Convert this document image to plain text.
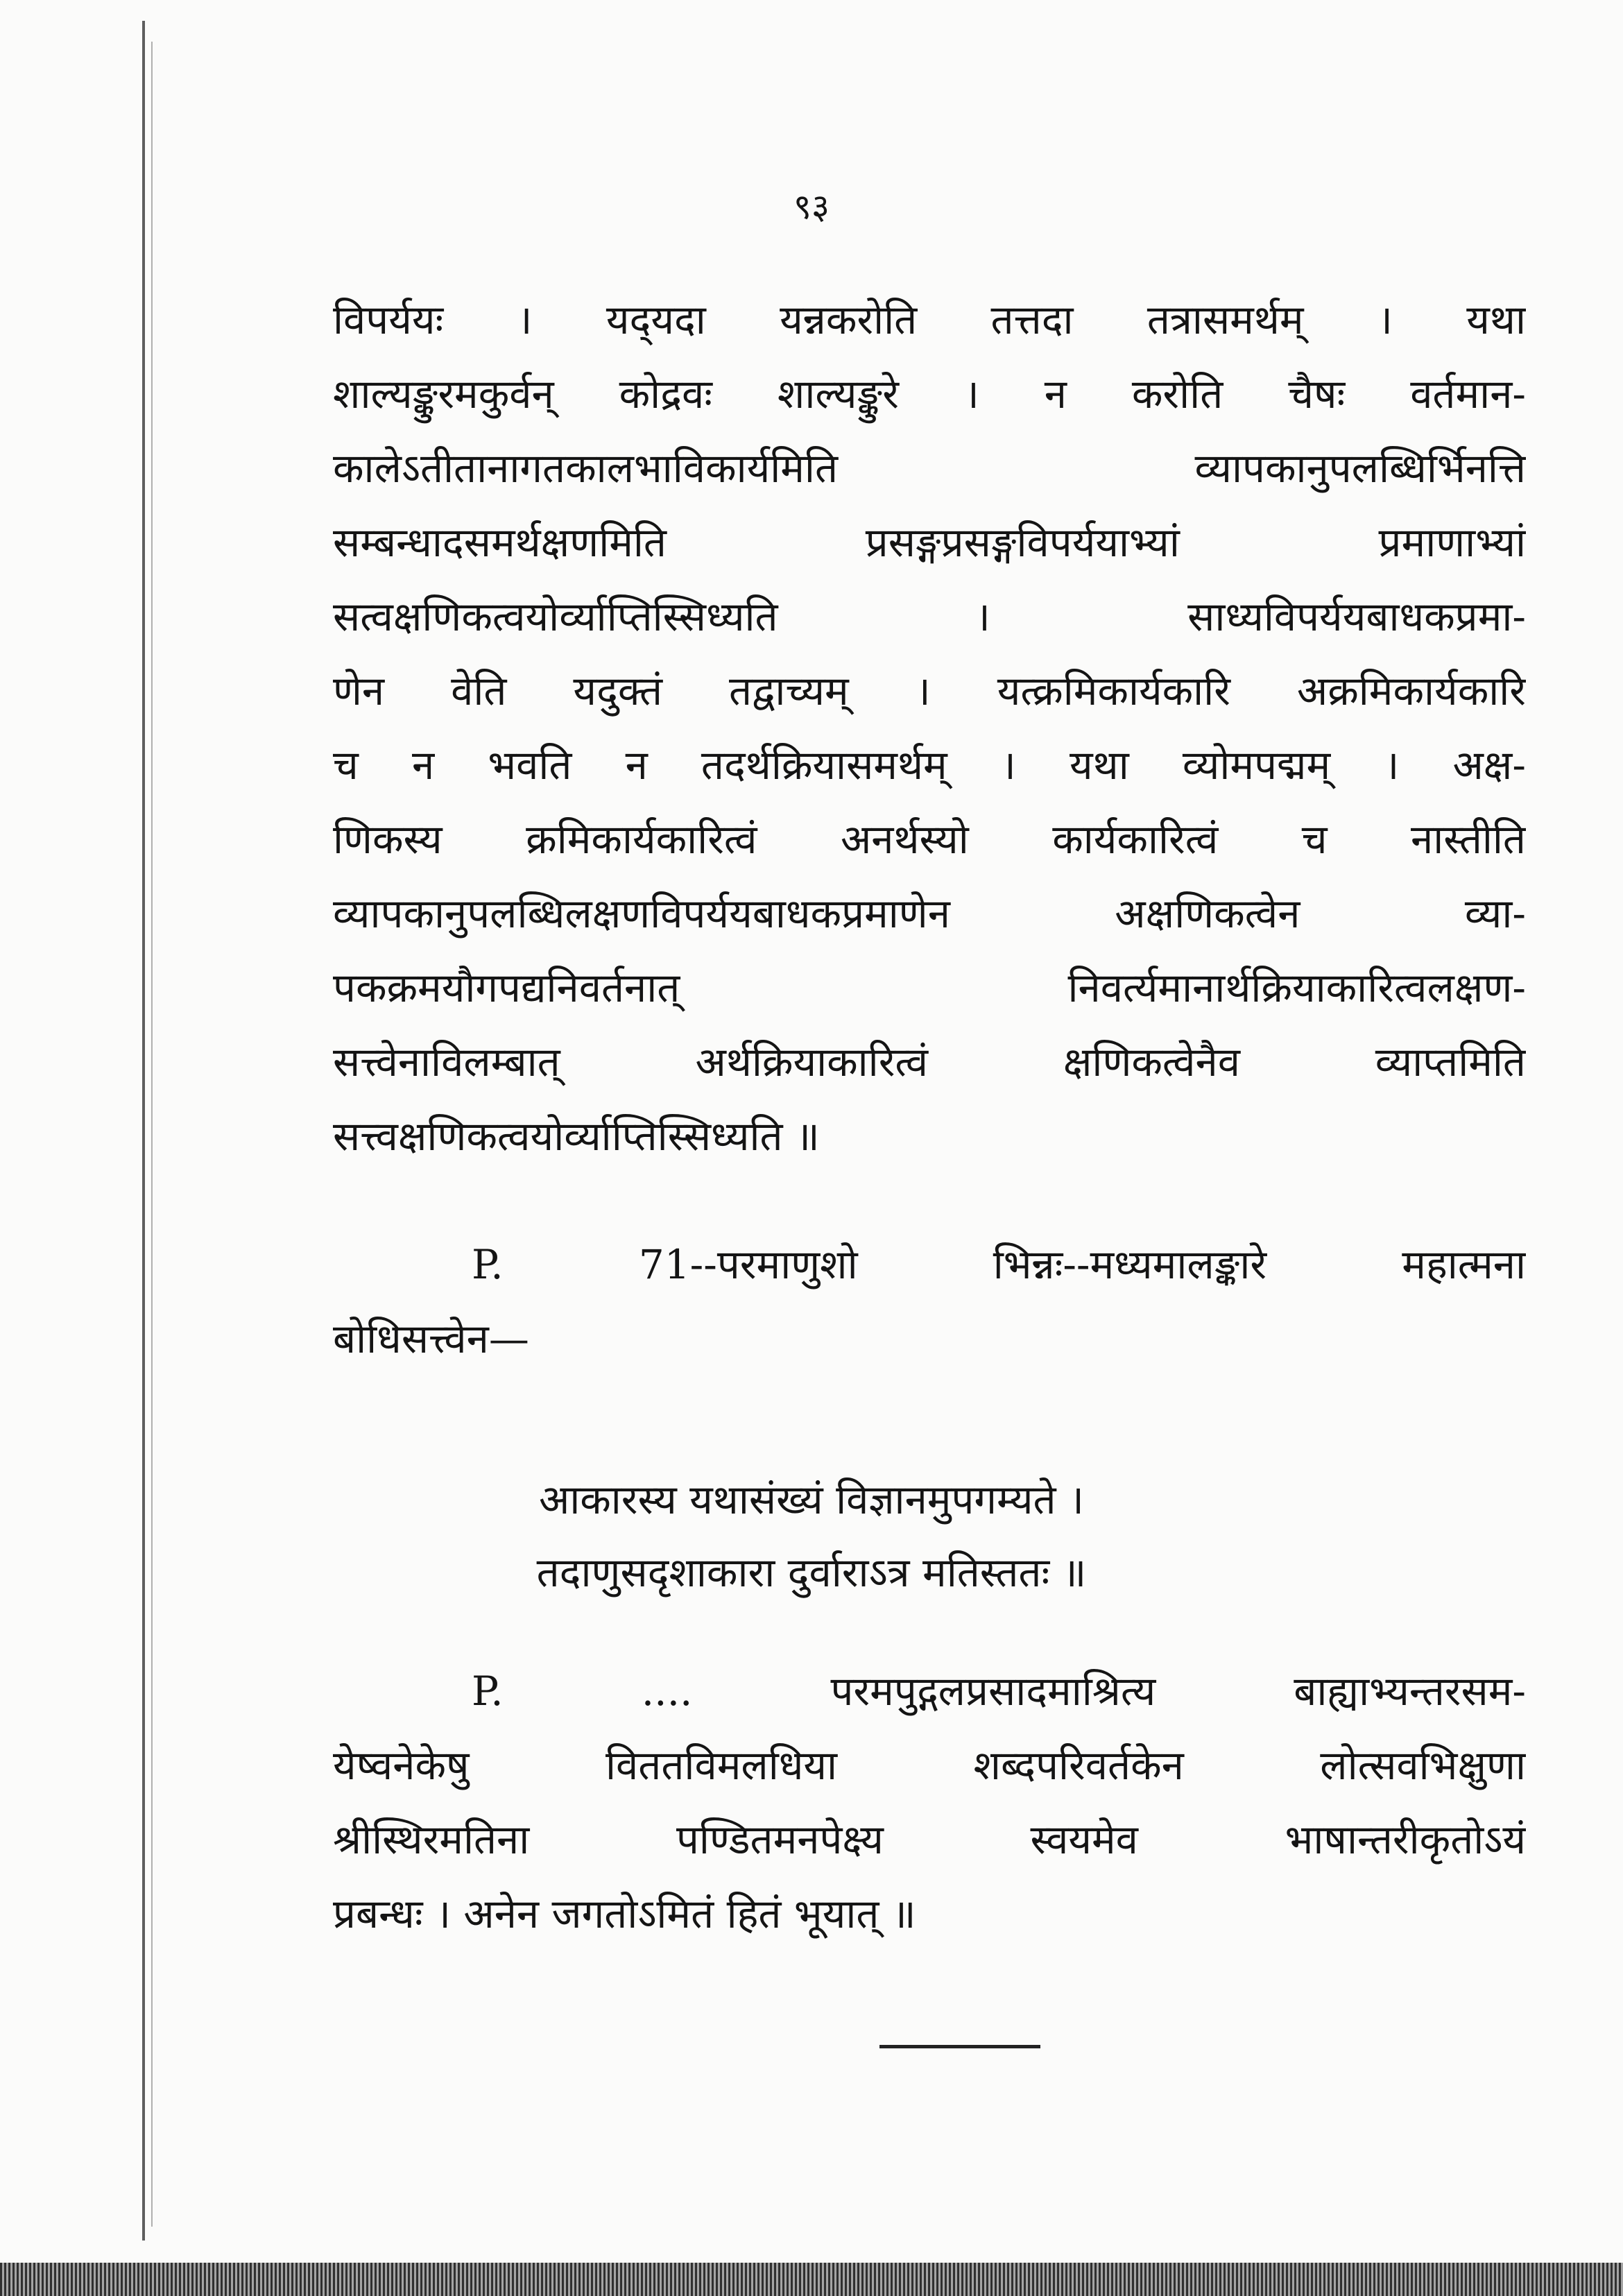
९३
विपर्ययः । यद्‌यदा यन्नकरोति तत्तदा तत्रासमर्थम् । यथा
शाल्यङ्कुरमकुर्वन् कोद्रवः शाल्यङ्कुरे । न करोति चैषः वर्तमान-
कालेऽतीतानागतकालभाविकार्यमिति व्यापकानुपलब्धिर्भिनत्ति
सम्बन्धादसमर्थक्षणमिति प्रसङ्गप्रसङ्गविपर्ययाभ्यां प्रमाणाभ्यां
सत्वक्षणिकत्वयोर्व्याप्तिस्सिध्यति । साध्यविपर्ययबाधकप्रमा-
णेन वेति यदुक्तं तद्वाच्यम् । यत्क्रमिकार्यकारि अक्रमिकार्यकारि
च न भवति न तदर्थक्रियासमर्थम् । यथा व्योमपद्मम् । अक्ष-
णिकस्य क्रमिकार्यकारित्वं अनर्थस्यो कार्यकारित्वं च नास्तीति
व्यापकानुपलब्धिलक्षणविपर्ययबाधकप्रमाणेन अक्षणिकत्वेन व्या-
पकक्रमयौगपद्यनिवर्तनात् निवर्त्यमानार्थक्रियाकारित्वलक्षण-
सत्त्वेनाविलम्बात् अर्थक्रियाकारित्वं क्षणिकत्वेनैव व्याप्तमिति
सत्त्वक्षणिकत्वयोर्व्याप्तिस्सिध्यति ॥
P. 71--परमाणुशो भिन्नः--मध्यमालङ्कारे महात्मना
बोधिसत्त्वेन—
आकारस्य यथासंख्यं विज्ञानमुपगम्यते ।
तदाणुसदृशाकारा दुर्वाराऽत्र मतिस्ततः ॥
P. .... परमपुद्गलप्रसादमाश्रित्य बाह्याभ्यन्तरसम-
येष्वनेकेषु विततविमलधिया शब्दपरिवर्तकेन लोत्सवभिक्षुणा
श्रीस्थिरमतिना पण्डितमनपेक्ष्य स्वयमेव भाषान्तरीकृतोऽयं
प्रबन्धः । अनेन जगतोऽमितं हितं भूयात् ॥
